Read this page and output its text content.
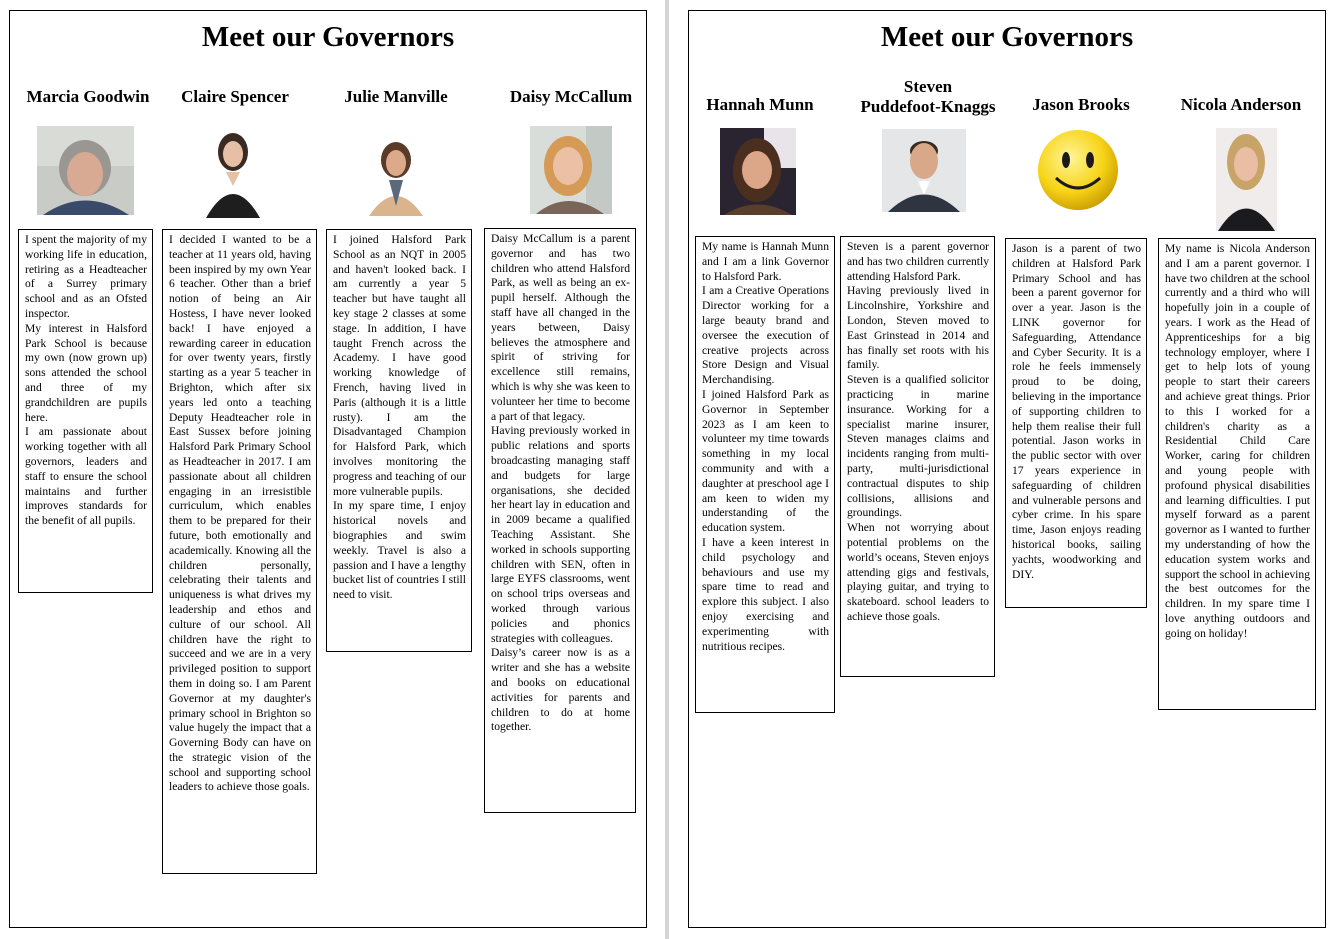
Meet our Governors
Marcia Goodwin	Claire Spencer	Julie Manville	Daisy McCallum

I spent the majority of my working life in education, retiring as a Headteacher of a Surrey primary school and as an Ofsted inspector.

My interest in Halsford Park School is because my own (now grown up) sons attended the school and three of my grandchildren are pupils here.

I am passionate about working together with all governors, leaders and staff to ensure the school maintains and further improves standards for the benefit of all pupils.

I decided I wanted to be a teacher at 11 years old, having been inspired by my own Year 6 teacher. Other than a brief notion of being an Air Hostess, I have never looked back! I have enjoyed a rewarding career in education for over twenty years, firstly starting as a year 5 teacher in Brighton, which after six years led onto a teaching Deputy Headteacher role in East Sussex before joining Halsford Park Primary School as Headteacher in 2017. I am passionate about all children engaging in an irresistible curriculum, which enables them to be prepared for their future, both emotionally and academically. Knowing all the children personally, celebrating their talents and uniqueness is what drives my leadership and ethos and culture of our school. All children have the right to succeed and we are in a very privileged position to support them in doing so. I am Parent Governor at my daughter's primary school in Brighton so value hugely the impact that a Governing Body can have on the strategic vision of the school and supporting school leaders to achieve those goals.

I joined Halsford Park School as an NQT in 2005 and haven't looked back. I am currently a year 5 teacher but have taught all key stage 2 classes at some stage. In addition, I have taught French across the Academy. I have good working knowledge of French, having lived in Paris (although it is a little rusty). I am the Disadvantaged Champion for Halsford Park, which involves monitoring the progress and teaching of our more vulnerable pupils.

In my spare time, I enjoy historical novels and biographies and swim weekly. Travel is also a passion and I have a lengthy bucket list of countries I still need to visit.

Daisy McCallum is a parent governor and has two children who attend Halsford Park, as well as being an ex-pupil herself. Although the staff have all changed in the years between, Daisy believes the atmosphere and spirit of striving for excellence still remains, which is why she was keen to volunteer her time to become a part of that legacy.

Having previously worked in public relations and sports broadcasting managing staff and budgets for large organisations, she decided her heart lay in education and in 2009 became a qualified Teaching Assistant. She worked in schools supporting children with SEN, often in large EYFS classrooms, went on school trips overseas and worked through various policies and phonics strategies with colleagues.

Daisy’s career now is as a writer and she has a website and books on educational activities for parents and children to do at home together.

Meet our Governors
Hannah Munn
Steven
Puddefoot-Knaggs	Jason Brooks	Nicola Anderson

My name is Hannah Munn and I am a link Governor to Halsford Park.

I am a Creative Operations Director working for a large beauty brand and oversee the execution of creative projects across Store Design and Visual Merchandising.

I joined Halsford Park as Governor in September 2023 as I am keen to volunteer my time towards something in my local community and with a daughter at preschool age I am keen to widen my understanding of the education system.

I have a keen interest in child psychology and behaviours and use my spare time to read and explore this subject. I also enjoy exercising and experimenting with nutritious recipes.

Steven is a parent governor and has two children currently attending Halsford Park.

Having previously lived in Lincolnshire, Yorkshire and London, Steven moved to East Grinstead in 2014 and has finally set roots with his family.

Steven is a qualified solicitor practicing in marine insurance. Working for a specialist marine insurer, Steven manages claims and incidents ranging from multi-party, multi-jurisdictional contractual disputes to ship collisions, allisions and groundings.

When not worrying about potential problems on the world’s oceans, Steven enjoys attending gigs and festivals, playing guitar, and trying to skateboard. school leaders to achieve those goals.

Jason is a parent of two children at Halsford Park Primary School and has been a parent governor for over a year. Jason is the LINK governor for Safeguarding, Attendance and Cyber Security. It is a role he feels immensely proud to be doing, believing in the importance of supporting children to help them realise their full potential. Jason works in the public sector with over 17 years experience in safeguarding of children and vulnerable persons and cyber crime. In his spare time, Jason enjoys reading historical books, sailing yachts, woodworking and DIY.

My name is Nicola Anderson and I am a parent governor. I have two children at the school currently and a third who will hopefully join in a couple of years. I work as the Head of Apprenticeships for a big technology employer, where I get to help lots of young people to start their careers and achieve great things. Prior to this I worked for a children's charity as a Residential Child Care Worker, caring for children and young people with profound physical disabilities and learning difficulties. I put myself forward as a parent governor as I wanted to further my understanding of how the education system works and support the school in achieving the best outcomes for the children. In my spare time I love anything outdoors and going on holiday!
